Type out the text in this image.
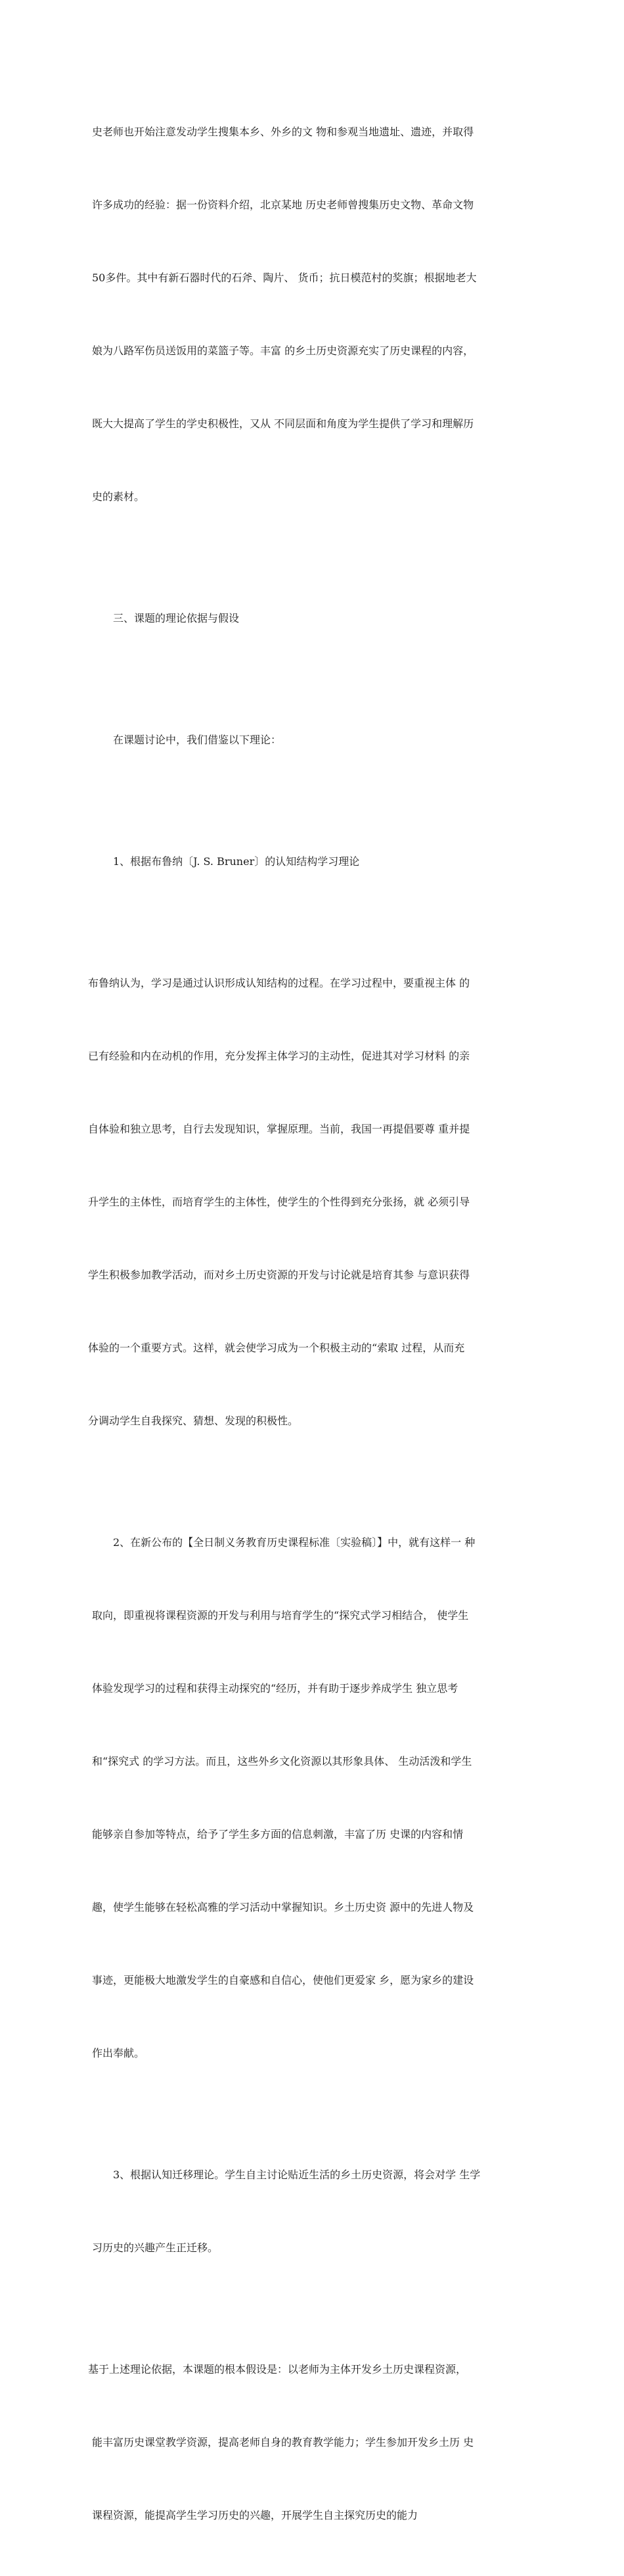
史老师也开始注意发动学生搜集本乡、外乡的文 物和参观当地遗址、遗迹，并取得

许多成功的经验：据一份资料介绍，北京某地 历史老师曾搜集历史文物、革命文物

50多件。其中有新石器时代的石斧、陶片、 货币；抗日模范村的奖旗；根据地老大

娘为八路军伤员送饭用的菜篮子等。丰富 的乡土历史资源充实了历史课程的内容，

既大大提高了学生的学史积极性，又从 不同层面和角度为学生提供了学习和理解历

史的素材。

三、课题的理论依据与假设

在课题讨论中，我们借鉴以下理论：

1、根据布鲁纳〔J. S. Bruner〕的认知结构学习理论

布鲁纳认为，学习是通过认识形成认知结构的过程。在学习过程中，要重视主体 的

已有经验和内在动机的作用，充分发挥主体学习的主动性，促进其对学习材料 的亲

自体验和独立思考，自行去发现知识，掌握原理。当前，我国一再提倡要尊 重并提

升学生的主体性，而培育学生的主体性，使学生的个性得到充分张扬，就 必须引导

学生积极参加教学活动，而对乡土历史资源的开发与讨论就是培育其参 与意识获得

体验的一个重要方式。这样，就会使学习成为一个积极主动的“索取 过程，从而充

分调动学生自我探究、猜想、发现的积极性。

2、在新公布的【全日制义务教育历史课程标准〔实验稿〕】中，就有这样一 种

取向，即重视将课程资源的开发与利用与培育学生的“探究式学习相结合， 使学生

体验发现学习的过程和获得主动探究的“经历，并有助于逐步养成学生 独立思考

和“探究式 的学习方法。而且，这些外乡文化资源以其形象具体、 生动活泼和学生

能够亲自参加等特点，给予了学生多方面的信息刺激，丰富了历 史课的内容和情

趣，使学生能够在轻松高雅的学习活动中掌握知识。乡土历史资 源中的先进人物及

事迹，更能极大地激发学生的自豪感和自信心，使他们更爱家 乡，愿为家乡的建设

作出奉献。

3、根据认知迁移理论。学生自主讨论贴近生活的乡土历史资源，将会对学 生学

习历史的兴趣产生正迁移。

基于上述理论依据，本课题的根本假设是：以老师为主体开发乡土历史课程资源，

能丰富历史课堂教学资源，提高老师自身的教育教学能力；学生参加开发乡土历 史

课程资源，能提高学生学习历史的兴趣，开展学生自主探究历史的能力
